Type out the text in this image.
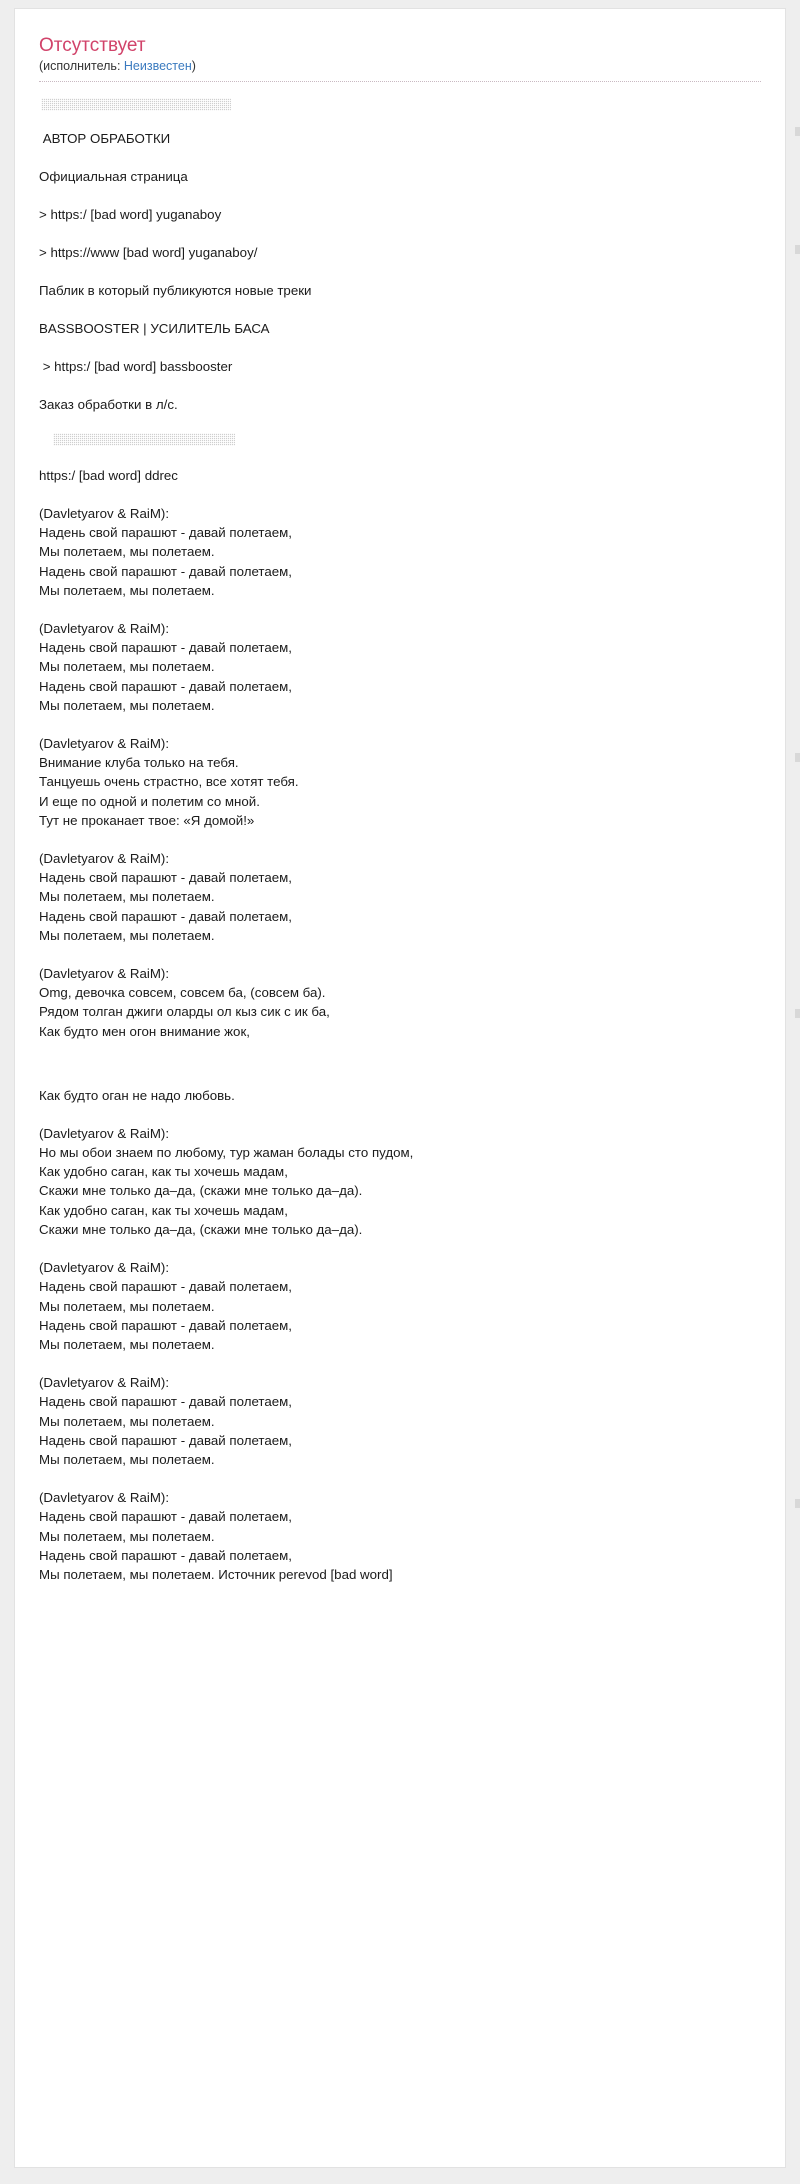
Отсутствует
(исполнитель: Неизвестен)

АВТОР ОБРАБОТКИ

Официальная страница

> https:/ [bad word] yuganaboy

> https://www [bad word] yuganaboy/

Паблик в который публикуются новые треки

BASSBOOSTER | УСИЛИТЕЛЬ БАСА

> https:/ [bad word] bassbooster

Заказ обработки в л/с.

https:/ [bad word] ddrec

(Davletyarov & RaiM):
Надень свой парашют - давай полетаем,
Мы полетаем, мы полетаем.
Надень свой парашют - давай полетаем,
Мы полетаем, мы полетаем.
(Davletyarov & RaiM):
Надень свой парашют - давай полетаем,
Мы полетаем, мы полетаем.
Надень свой парашют - давай полетаем,
Мы полетаем, мы полетаем.
(Davletyarov & RaiM):
Внимание клуба только на тебя.
Танцуешь очень страстно, все хотят тебя.
И еще по одной и полетим со мной.
Тут не проканает твое: «Я домой!»
(Davletyarov & RaiM):
Надень свой парашют - давай полетаем,
Мы полетаем, мы полетаем.
Надень свой парашют - давай полетаем,
Мы полетаем, мы полетаем.
(Davletyarov & RaiM):
Omg, девочка совсем, совсем ба, (совсем ба).
Рядом толган джиги оларды ол кыз сик с ик ба,
Как будто мен огон внимание жок,

Как будто оган не надо любовь.

(Davletyarov & RaiM):
Но мы обои знаем по любому, тур жаман болады сто пудом,
Как удобно саган, как ты хочешь мадам,
Скажи мне только да–да, (скажи мне только да–да).
Как удобно саган, как ты хочешь мадам,
Скажи мне только да–да, (скажи мне только да–да).
(Davletyarov & RaiM):
Надень свой парашют - давай полетаем,
Мы полетаем, мы полетаем.
Надень свой парашют - давай полетаем,
Мы полетаем, мы полетаем.
(Davletyarov & RaiM):
Надень свой парашют - давай полетаем,
Мы полетаем, мы полетаем.
Надень свой парашют - давай полетаем,
Мы полетаем, мы полетаем.
(Davletyarov & RaiM):
Надень свой парашют - давай полетаем,
Мы полетаем, мы полетаем.
Надень свой парашют - давай полетаем,
Мы полетаем, мы полетаем. Источник perevod [bad word]
